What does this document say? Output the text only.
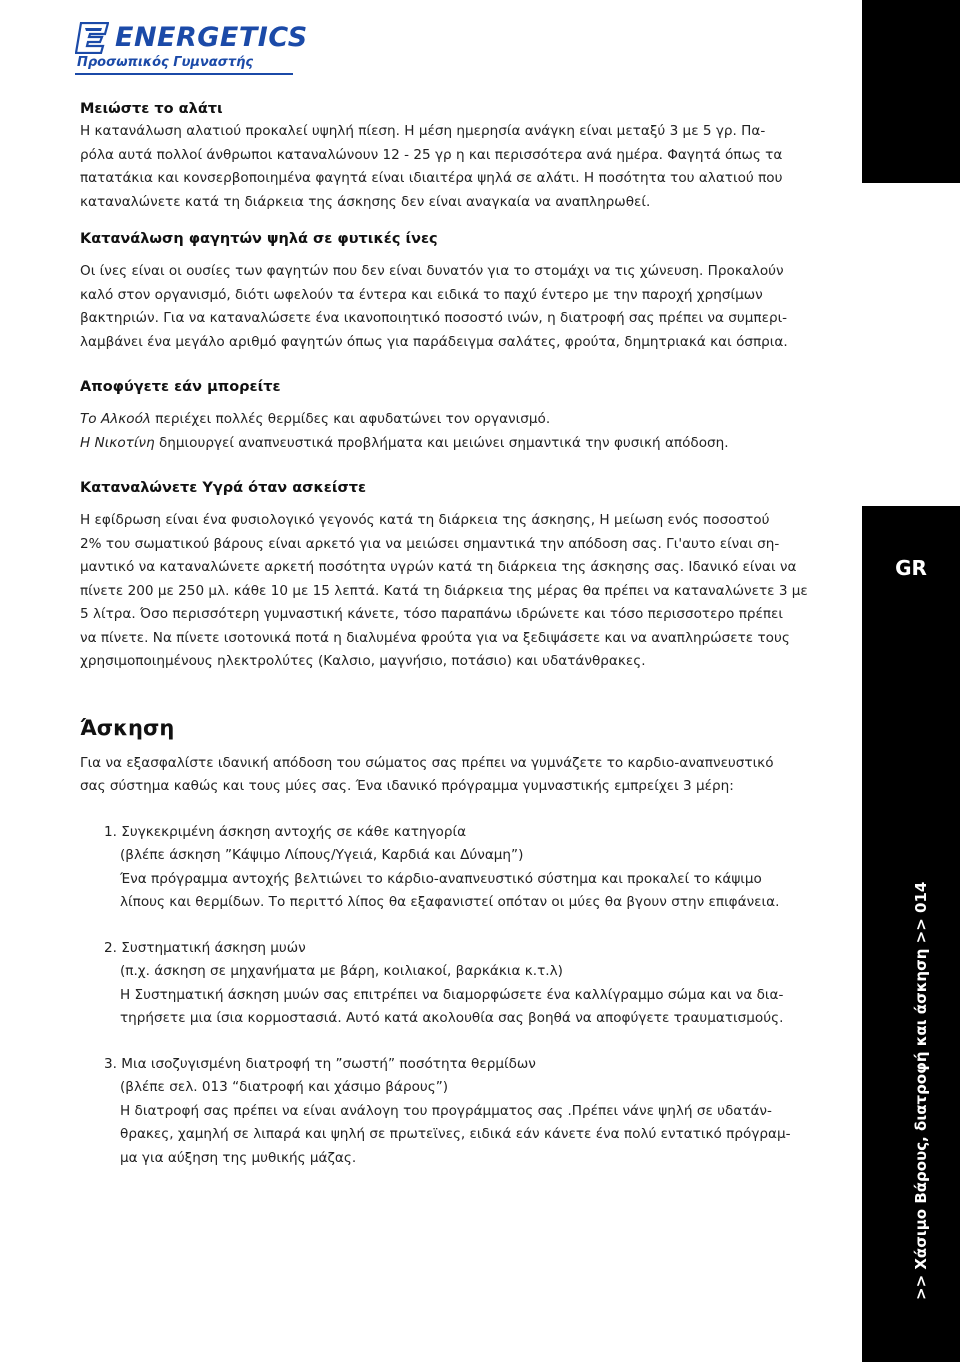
ENERGETICS
Προσωπικός Γυμναστής
GR
>> Χάσιμο Βάρους, διατροφή και άσκηση >> 014
Μειώστε το αλάτι
Η κατανάλωση αλατιού προκαλεί υψηλή πίεση. Η μέση ημερησία ανάγκη είναι μεταξύ 3 με 5 γρ. Πα-
ρόλα αυτά πολλοί άνθρωποι καταναλώνουν 12 - 25 γρ η και περισσότερα ανά ημέρα. Φαγητά όπως τα
πατατάκια και κονσερβοποιημένα φαγητά είναι ιδιαιτέρα ψηλά σε αλάτι. Η ποσότητα του αλατιού που
καταναλώνετε κατά τη διάρκεια της άσκησης δεν είναι αναγκαία να αναπληρωθεί.
Κατανάλωση φαγητών ψηλά σε φυτικές ίνες
Οι ίνες είναι οι ουσίες των φαγητών που δεν είναι δυνατόν για το στομάχι να τις χώνευση. Προκαλούν
καλό στον οργανισμό, διότι ωφελούν τα έντερα και ειδικά το παχύ έντερο με την παροχή χρησίμων
βακτηριών. Για να καταναλώσετε ένα ικανοποιητικό ποσοστό ινών, η διατροφή σας πρέπει να συμπερι-
λαμβάνει ένα μεγάλο αριθμό φαγητών όπως για παράδειγμα σαλάτες, φρούτα, δημητριακά και όσπρια.
Αποφύγετε εάν μπορείτε
Το Αλκοόλ περιέχει πολλές θερμίδες και αφυδατώνει τον οργανισμό.
Η Νικοτίνη δημιουργεί αναπνευστικά προβλήματα και μειώνει σημαντικά την φυσική απόδοση.
Καταναλώνετε Υγρά όταν ασκείστε
Η εφίδρωση είναι ένα φυσιολογικό γεγονός κατά τη διάρκεια της άσκησης, Η μείωση ενός ποσοστού
2% του σωματικού βάρους είναι αρκετό για να μειώσει σημαντικά την απόδοση σας. Γι'αυτο είναι ση-
μαντικό να καταναλώνετε αρκετή ποσότητα υγρών κατά τη διάρκεια της άσκησης σας. Ιδανικό είναι να
πίνετε 200 με 250 μλ. κάθε 10 με 15 λεπτά. Κατά τη διάρκεια της μέρας θα πρέπει να καταναλώνετε 3 με
5 λίτρα. Όσο περισσότερη γυμναστική κάνετε, τόσο παραπάνω ιδρώνετε και τόσο περισσοτερο πρέπει
να πίνετε. Να πίνετε ισοτονικά ποτά η διαλυμένα φρούτα για να ξεδιψάσετε και να αναπληρώσετε τους
χρησιμοποιημένους ηλεκτρολύτες (Καλσιο, μαγνήσιο, ποτάσιο) και υδατάνθρακες.
Άσκηση
Για να εξασφαλίστε ιδανική απόδοση του σώματος σας πρέπει να γυμνάζετε το καρδιο-αναπνευστικό
σας σύστημα καθώς και τους μύες σας. Ένα ιδανικό πρόγραμμα γυμναστικής εμπρείχει 3 μέρη:
1. Συγκεκριμένη άσκηση αντοχής σε κάθε κατηγορία
(βλέπε άσκηση ”Κάψιμο Λίπους/Υγειά, Καρδιά και Δύναμη”)
Ένα πρόγραμμα αντοχής βελτιώνει το κάρδιο-αναπνευστικό σύστημα και προκαλεί το κάψιμο
λίπους και θερμίδων. Το περιττό λίπος θα εξαφανιστεί οπόταν οι μύες θα βγουν στην επιφάνεια.
2. Συστηματική άσκηση μυών
(π.χ. άσκηση σε μηχανήματα με βάρη, κοιλιακοί, βαρκάκια κ.τ.λ)
Η Συστηματική άσκηση μυών σας επιτρέπει να διαμορφώσετε ένα καλλίγραμμο σώμα και να δια-
τηρήσετε μια ίσια κορμοστασιά. Αυτό κατά ακολουθία σας βοηθά να αποφύγετε τραυματισμούς.
3. Μια ισοζυγισμένη διατροφή τη ”σωστή” ποσότητα θερμίδων
(βλέπε σελ. 013 “διατροφή και χάσιμο βάρους”)
Η διατροφή σας πρέπει να είναι ανάλογη του προγράμματος σας .Πρέπει νάνε ψηλή σε υδατάν-
θρακες, χαμηλή σε λιπαρά και ψηλή σε πρωτεϊνες, ειδικά εάν κάνετε ένα πολύ εντατικό πρόγραμ-
μα για αύξηση της μυθικής μάζας.
